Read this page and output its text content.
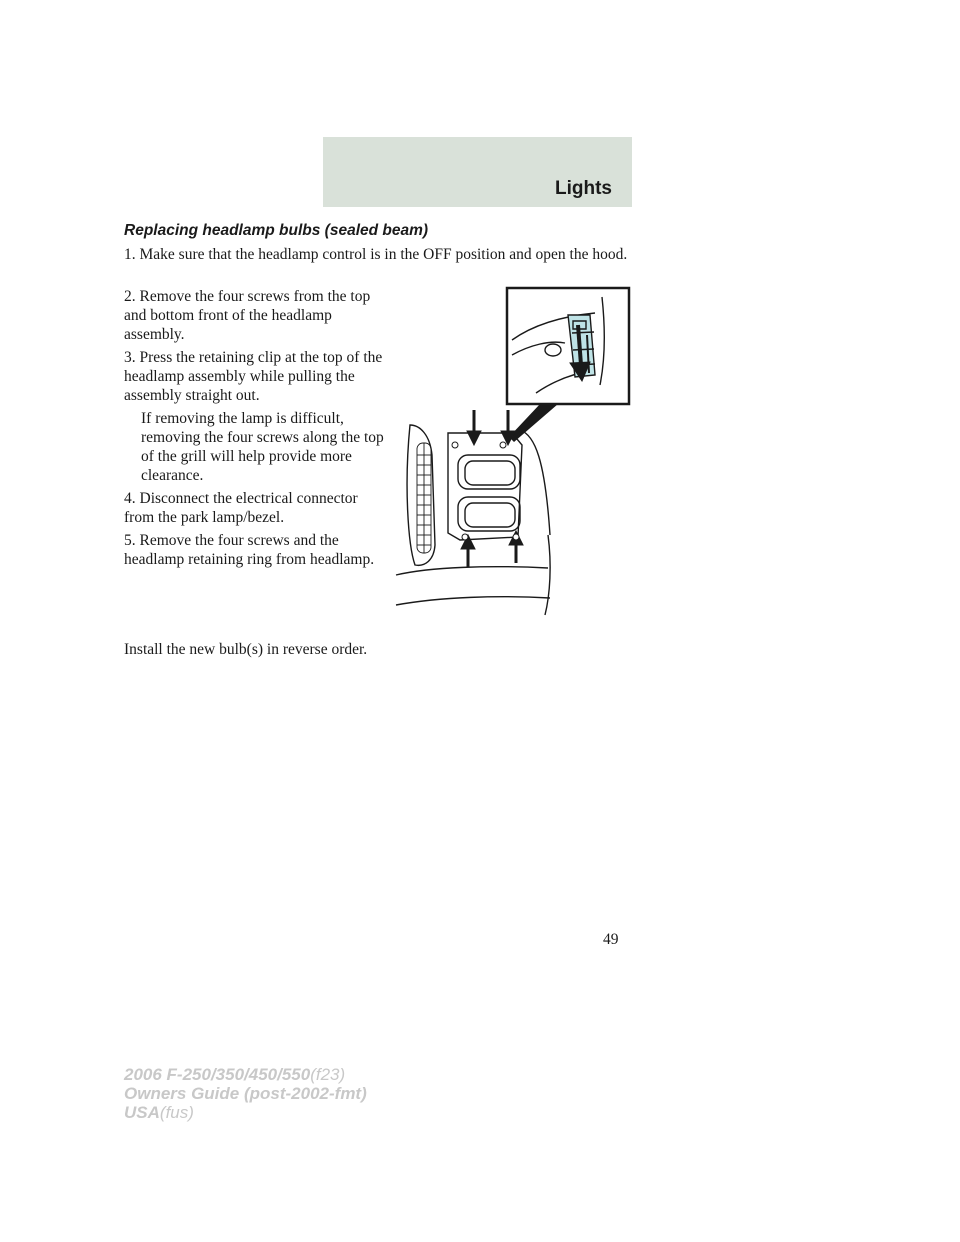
Lights

Replacing headlamp bulbs (sealed beam)

1. Make sure that the headlamp control is in the OFF position and open the hood.

2. Remove the four screws from the top and bottom front of the headlamp assembly.

3. Press the retaining clip at the top of the headlamp assembly while pulling the assembly straight out.

If removing the lamp is difficult, removing the four screws along the top of the grill will help provide more clearance.

4. Disconnect the electrical connector from the park lamp/bezel.

5. Remove the four screws and the headlamp retaining ring from headlamp.

Install the new bulb(s) in reverse order.

49
2006 F-250/350/450/550(f23)
Owners Guide (post-2002-fmt)
USA(fus)
